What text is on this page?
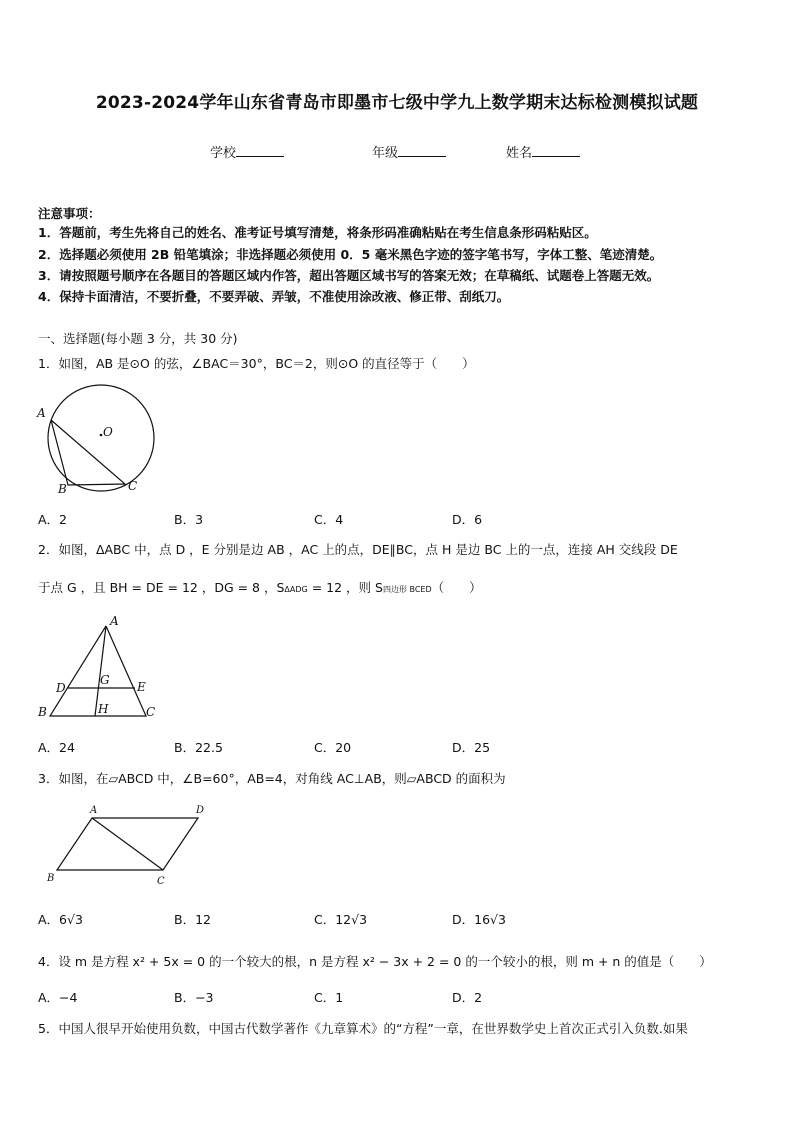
2023-2024学年山东省青岛市即墨市七级中学九上数学期末达标检测模拟试题
学校	年级	姓名
注意事项：
1．答题前，考生先将自己的姓名、准考证号填写清楚，将条形码准确粘贴在考生信息条形码粘贴区。
2．选择题必须使用 2B 铅笔填涂；非选择题必须使用 0．5 毫米黑色字迹的签字笔书写，字体工整、笔迹清楚。
3．请按照题号顺序在各题目的答题区域内作答，超出答题区域书写的答案无效；在草稿纸、试题卷上答题无效。
4．保持卡面清洁，不要折叠，不要弄破、弄皱，不准使用涂改液、修正带、刮纸刀。
一、选择题(每小题 3 分，共 30 分)
1．如图，AB 是⊙O 的弦，∠BAC＝30°，BC＝2，则⊙O 的直径等于（　　）
A
B	C
O
A．2	B．3	C．4	D．6
2．如图，ΔABC 中，点 D ，E 分别是边 AB ，AC 上的点，DE∥BC，点 H 是边 BC 上的一点，连接 AH 交线段 DE
于点 G ，且 BH = DE = 12 ，DG = 8 ，SΔADG = 12 ，则 S四边形 BCED（　　）
A
B	C
D	E
G
H
A．24	B．22.5	C．20	D．25
3．如图，在▱ABCD 中，∠B=60°，AB=4，对角线 AC⊥AB，则▱ABCD 的面积为
A	D
B	C
A．6√3	B．12	C．12√3	D．16√3
4．设 m 是方程 x² + 5x = 0 的一个较大的根，n 是方程 x² − 3x + 2 = 0 的一个较小的根，则 m + n 的值是（　　）
A．−4	B．−3	C．1	D．2
5．中国人很早开始使用负数，中国古代数学著作《九章算术》的“方程”一章，在世界数学史上首次正式引入负数.如果
